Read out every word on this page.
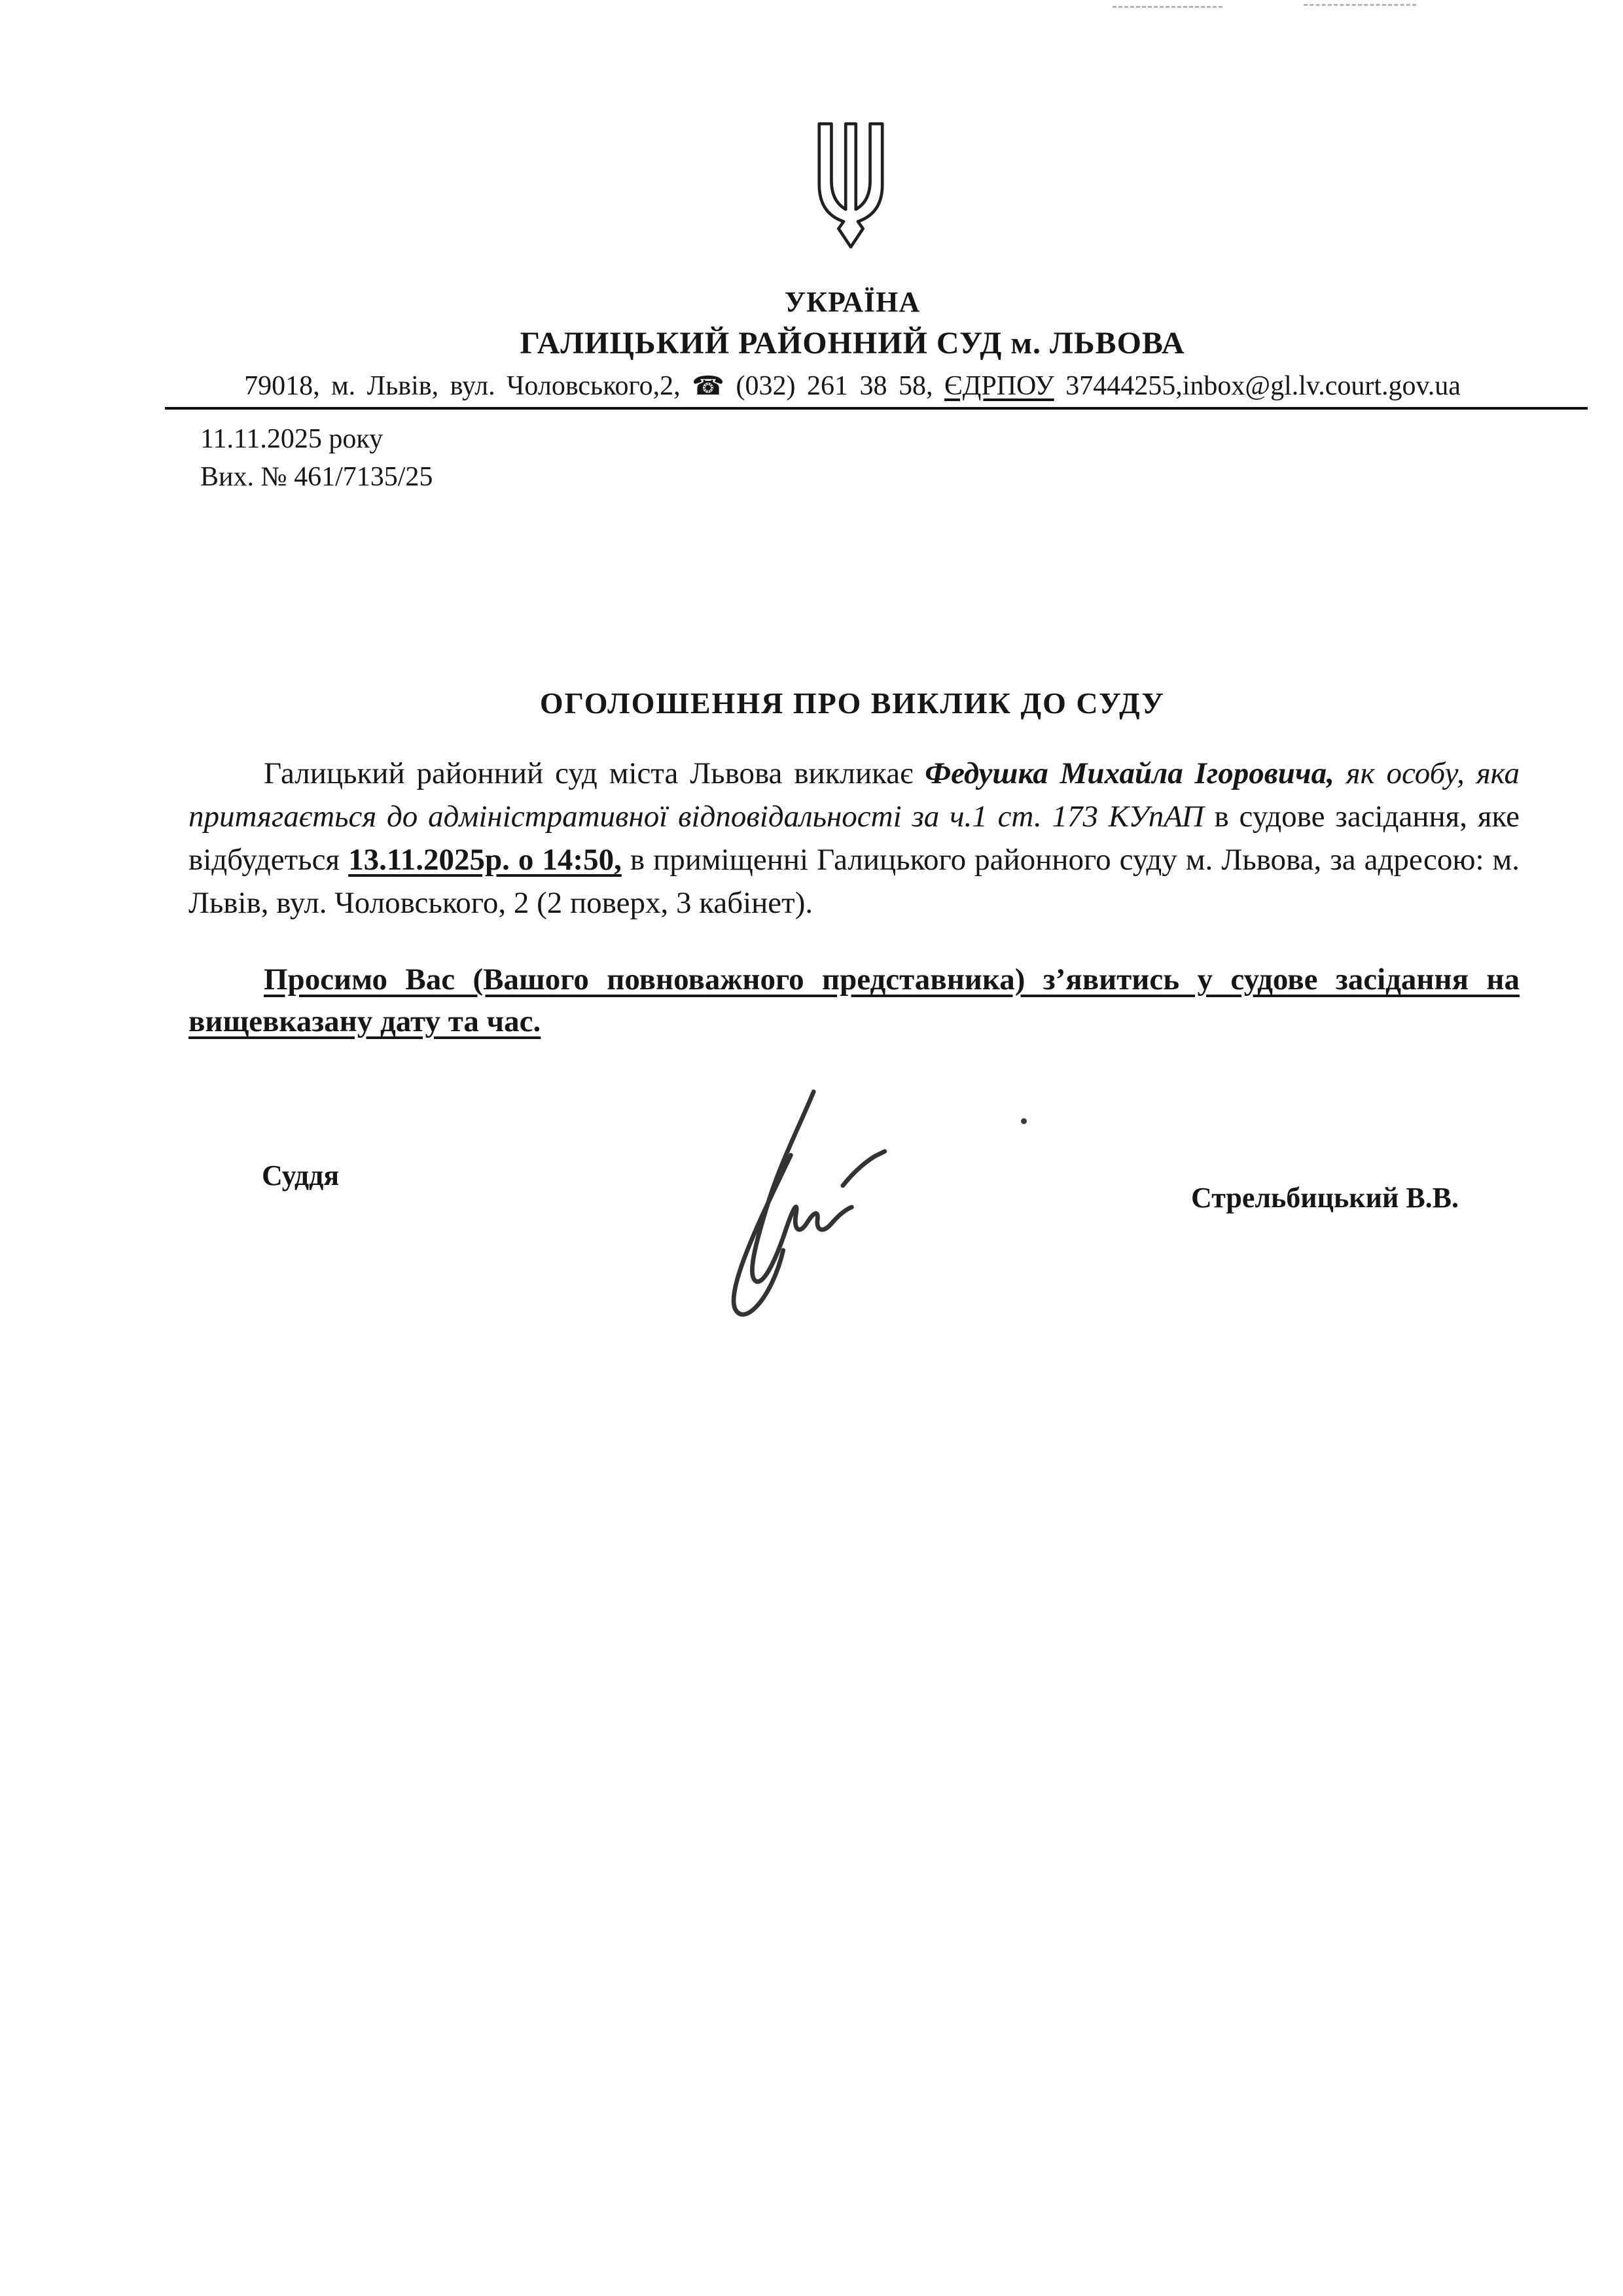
УКРАЇНА
ГАЛИЦЬКИЙ РАЙОННИЙ СУД м. ЛЬВОВА
79018, м. Львів, вул. Чоловського,2, ☎ (032) 261 38 58, ЄДРПОУ 37444255,inbox@gl.lv.court.gov.ua
11.11.2025 року
Вих. № 461/7135/25
ОГОЛОШЕННЯ ПРО ВИКЛИК ДО СУДУ

Галицький районний суд міста Львова викликає Федушка Михайла Ігоровича, як особу, яка притягається до адміністративної відповідальності за ч.1 ст. 173 КУпАП в судове засідання, яке відбудеться 13.11.2025р. о 14:50, в приміщенні Галицького районного суду м. Львова, за адресою: м. Львів, вул. Чоловського, 2 (2 поверх, 3 кабінет).

Просимо Вас (Вашого повноважного представника) з’явитись у судове засідання на вищевказану дату та час.

Суддя
Стрельбицький В.В.
